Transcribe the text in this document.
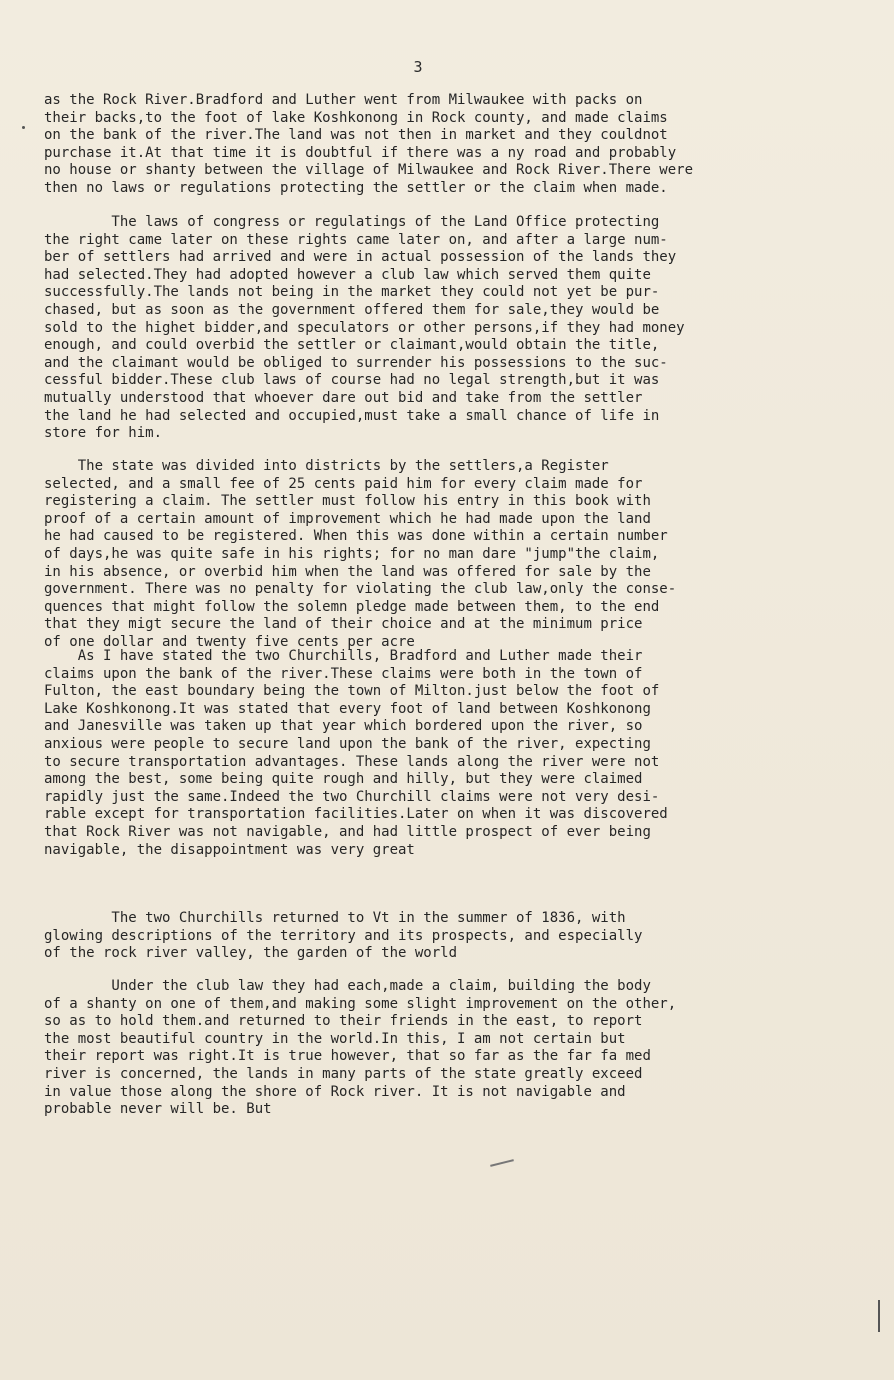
3
as the Rock River.Bradford and Luther went from Milwaukee with packs on
their backs,to the foot of lake Koshkonong in Rock county, and made claims
on the bank of the river.The land was not then in market and they couldnot
purchase it.At that time it is doubtful if there was a ny road and probably
no house or shanty between the village of Milwaukee and Rock River.There were
then no laws or regulations protecting the settler or the claim when made.
The laws of congress or regulatings of the Land Office protecting
the right came later on these rights came later on, and after a large num-
ber of settlers had arrived and were in actual possession of the lands they
had selected.They had adopted however a club law which served them quite
successfully.The lands not being in the market they could not yet be pur-
chased, but as soon as the government offered them for sale,they would be
sold to the highet bidder,and speculators or other persons,if they had money
enough, and could overbid the settler or claimant,would obtain the title,
and the claimant would be obliged to surrender his possessions to the suc-
cessful bidder.These club laws of course had no legal strength,but it was
mutually understood that whoever dare out bid and take from the settler
the land he had selected and occupied,must take a small chance of life in
store for him.
The state was divided into districts by the settlers,a Register
selected, and a small fee of 25 cents paid him for every claim made for
registering a claim. The settler must follow his entry in this book with
proof of a certain amount of improvement which he had made upon the land
he had caused to be registered. When this was done within a certain number
of days,he was quite safe in his rights; for no man dare "jump"the claim,
in his absence, or overbid him when the land was offered for sale by the
government. There was no penalty for violating the club law,only the conse-
quences that might follow the solemn pledge made between them, to the end
that they migt secure the land of their choice and at the minimum price
of one dollar and twenty five cents per acre
As I have stated the two Churchills, Bradford and Luther made their
claims upon the bank of the river.These claims were both in the town of
Fulton, the east boundary being the town of Milton.just below the foot of
Lake Koshkonong.It was stated that every foot of land between Koshkonong
and Janesville was taken up that year which bordered upon the river, so
anxious were people to secure land upon the bank of the river, expecting
to secure transportation advantages. These lands along the river were not
among the best, some being quite rough and hilly, but they were claimed
rapidly just the same.Indeed the two Churchill claims were not very desi-
rable except for transportation facilities.Later on when it was discovered
that Rock River was not navigable, and had little prospect of ever being
navigable, the disappointment was very great
The two Churchills returned to Vt in the summer of 1836, with
glowing descriptions of the territory and its prospects, and especially
of the rock river valley, the garden of the world
Under the club law they had each,made a claim, building the body
of a shanty on one of them,and making some slight improvement on the other,
so as to hold them.and returned to their friends in the east, to report
the most beautiful country in the world.In this, I am not certain but
their report was right.It is true however, that so far as the far fa med
river is concerned, the lands in many parts of the state greatly exceed
in value those along the shore of Rock river. It is not navigable and
probable never will be. But
